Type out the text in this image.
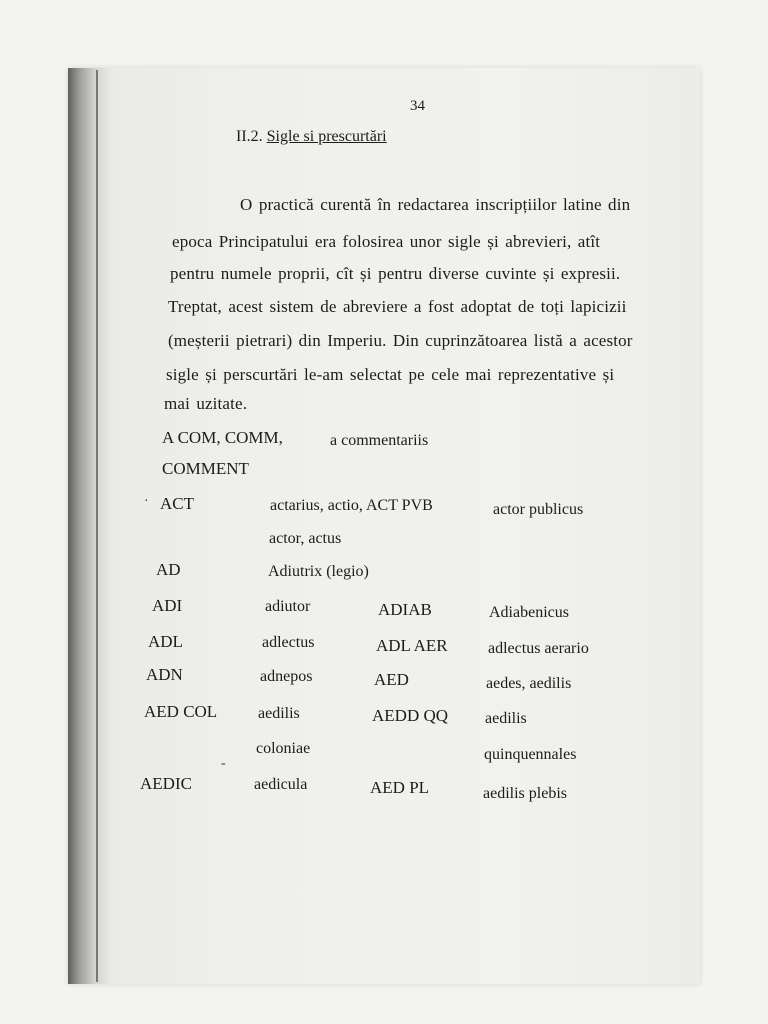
34
II.2. Sigle si prescurtări
O practică curentă în redactarea inscripțiilor latine din
epoca Principatului era folosirea unor sigle și abrevieri, atît
pentru numele proprii, cît și pentru diverse cuvinte și expresii.
Treptat, acest sistem de abreviere a fost adoptat de toți lapicizii
(meșterii pietrari) din Imperiu. Din cuprinzătoarea listă a acestor
sigle și perscurtări le-am selectat pe cele mai reprezentative și
mai uzitate.
A COM, COMM,	a commentariis
COMMENT
ACT	actarius, actio, ACT PVB	actor publicus
actor, actus
AD	Adiutrix (legio)
ADI	adiutor	ADIAB	Adiabenicus
ADL	adlectus	ADL AER	adlectus aerario
ADN	adnepos	AED	aedes, aedilis
AED COL	aedilis	AEDD QQ aedilis
coloniae	quinquennales
AEDIC	aedicula	AED PL	aedilis plebis
·
-
